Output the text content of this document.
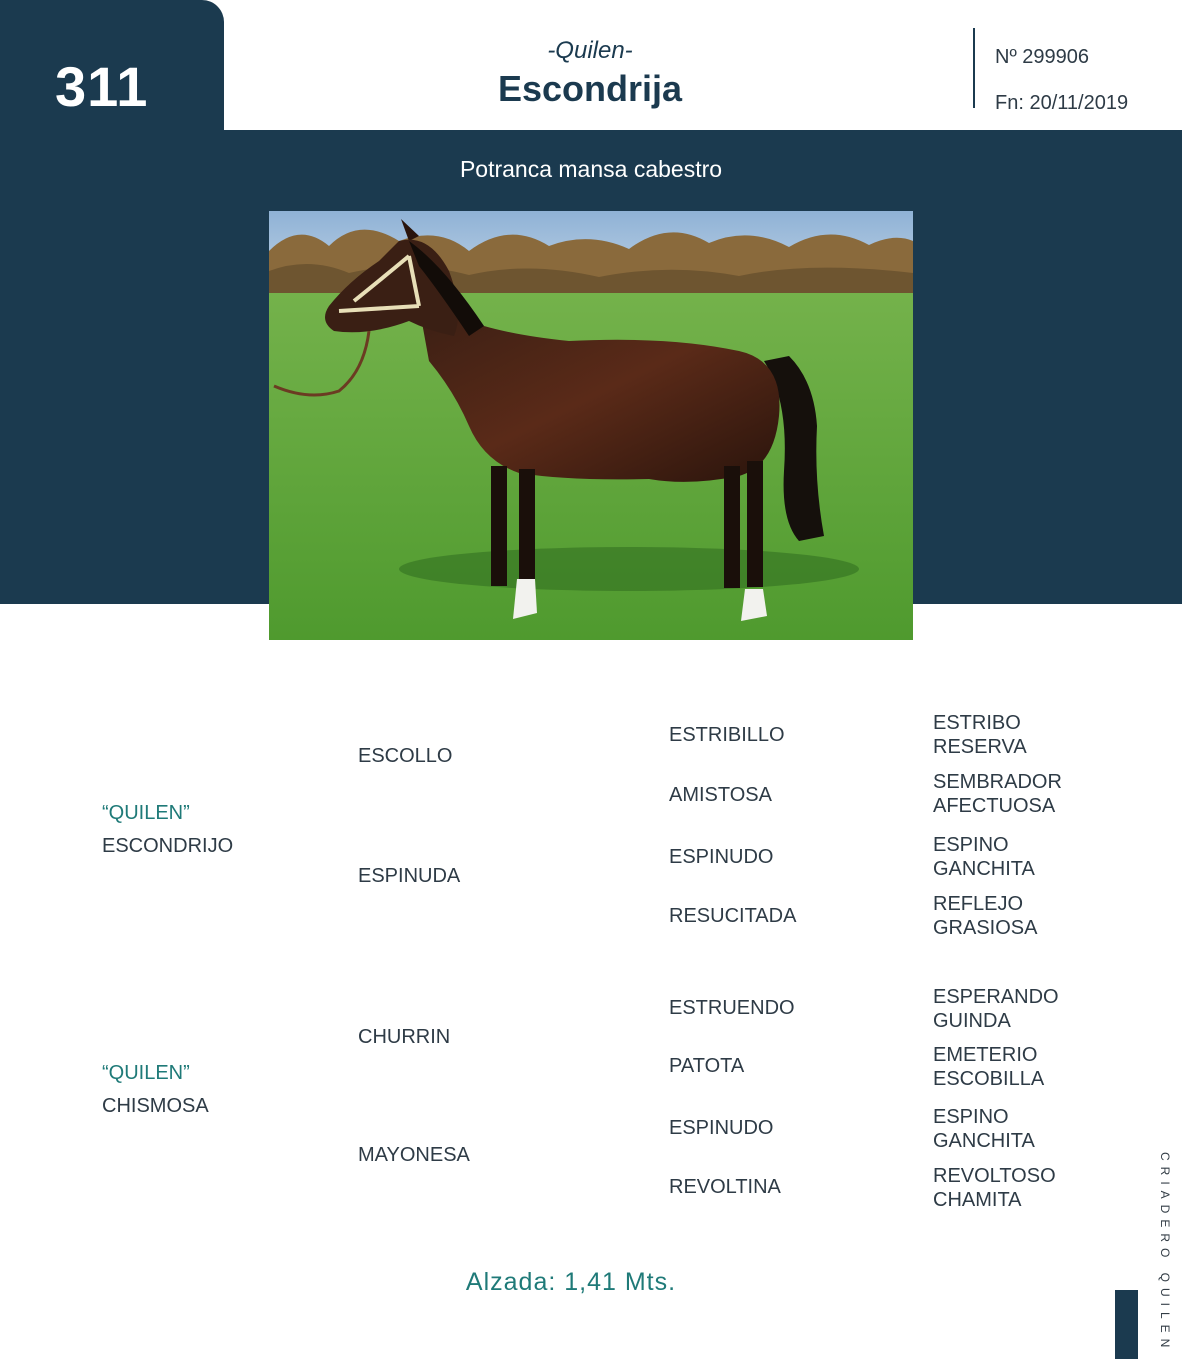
311
-Quilen-
Escondrija
Nº 299906
Fn: 20/11/2019
Potranca mansa cabestro
“QUILEN”
ESCONDRIJO
“QUILEN”
CHISMOSA
ESCOLLO
ESPINUDA
CHURRIN
MAYONESA
ESTRIBILLO
AMISTOSA
ESPINUDO
RESUCITADA
ESTRUENDO
PATOTA
ESPINUDO
REVOLTINA
ESTRIBO
RESERVA
SEMBRADOR
AFECTUOSA
ESPINO
GANCHITA
REFLEJO
GRASIOSA
ESPERANDO
GUINDA
EMETERIO
ESCOBILLA
ESPINO
GANCHITA
REVOLTOSO
CHAMITA
Alzada: 1,41 Mts.	CRIADERO QUILEN
